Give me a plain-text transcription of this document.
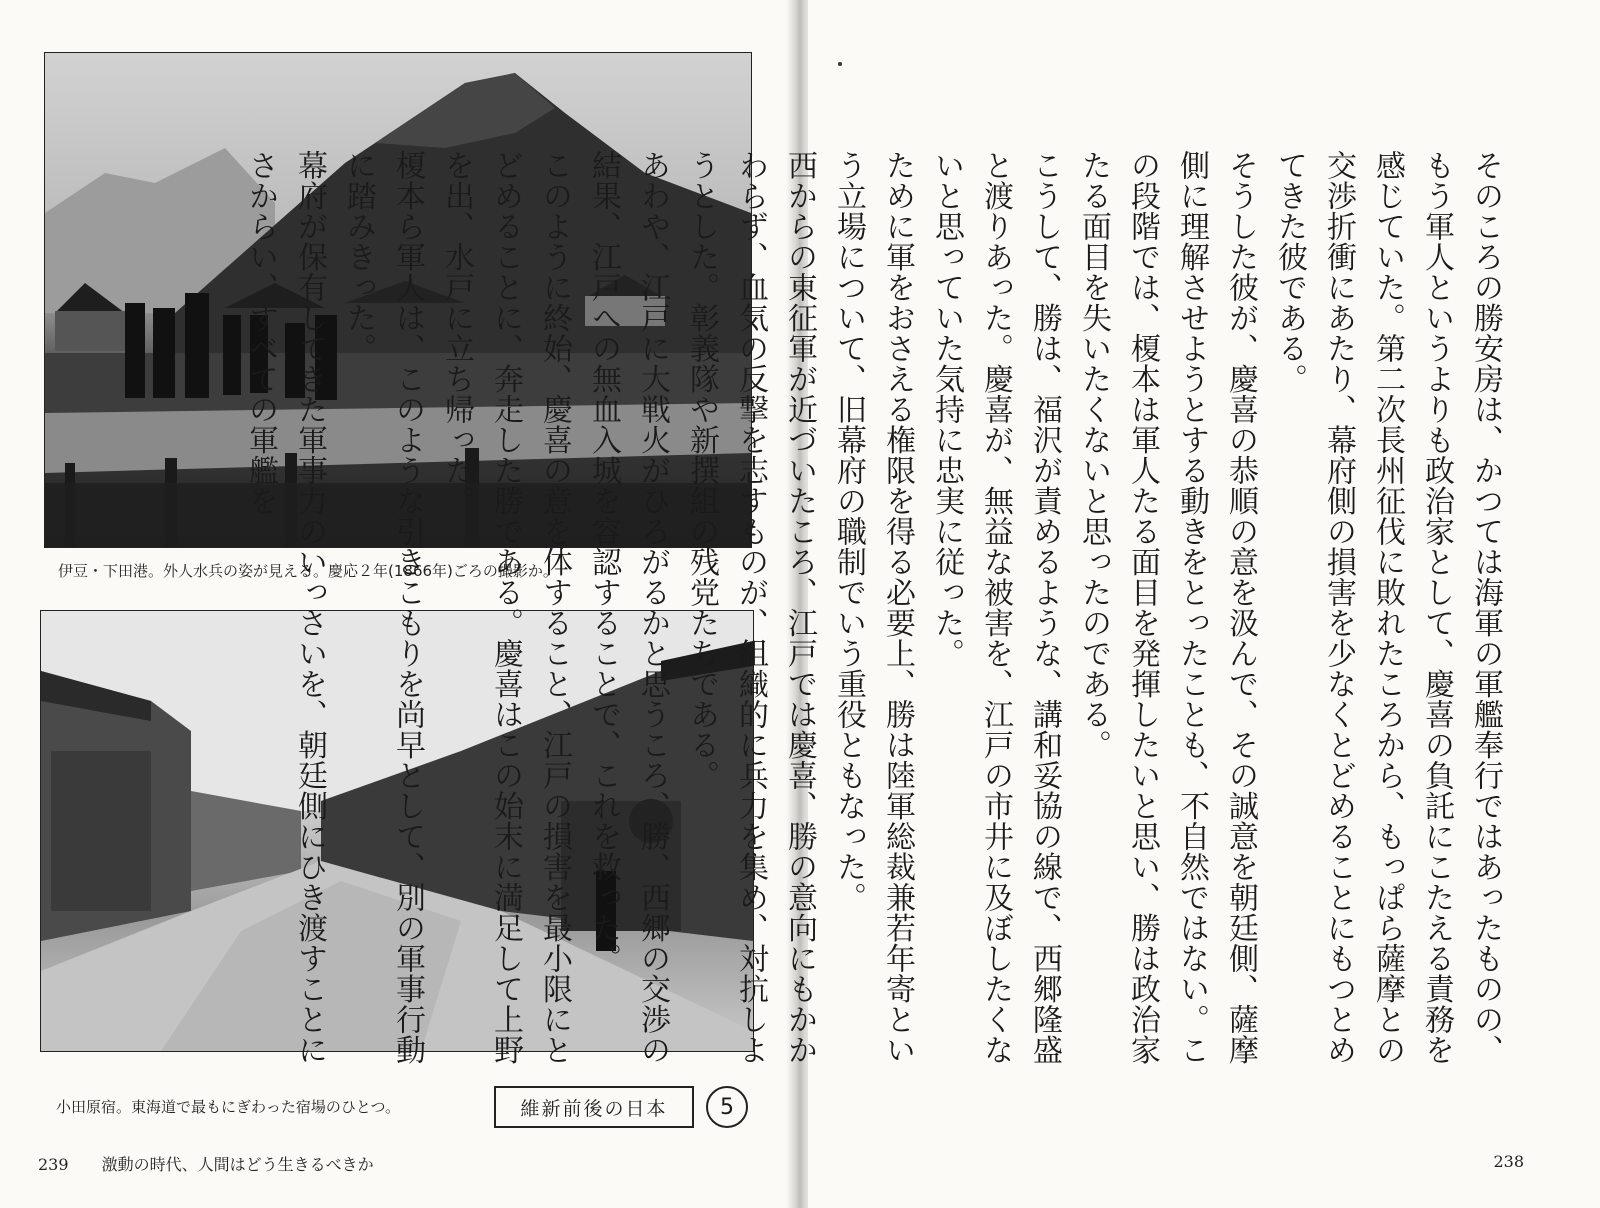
伊豆・下田港。外人水兵の姿が見える。慶応２年(1866年)ごろの撮影か。
小田原宿。東海道で最もにぎわった宿場のひとつ。	維新前後の日本	5
239 激動の時代、人間はどう生きるべきか

そのころの勝安房は、かつては海軍の軍艦奉行ではあったものの、もう軍人というよりも政治家として、慶喜の負託にこたえる責務を感じていた。第二次長州征伐に敗れたころから、もっぱら薩摩との交渉折衝にあたり、幕府側の損害を少なくとどめることにもつとめてきた彼である。

そうした彼が、慶喜の恭順の意を汲んで、その誠意を朝廷側、薩摩側に理解させようとする動きをとったことも、不自然ではない。この段階では、榎本は軍人たる面目を発揮したいと思い、勝は政治家たる面目を失いたくないと思ったのである。

こうして、勝は、福沢が責めるような、講和妥協の線で、西郷隆盛と渡りあった。慶喜が、無益な被害を、江戸の市井に及ぼしたくないと思っていた気持に忠実に従った。

ために軍をおさえる権限を得る必要上、勝は陸軍総裁兼若年寄という立場について、旧幕府の職制でいう重役ともなった。

西からの東征軍が近づいたころ、江戸では慶喜、勝の意向にもかかわらず、血気の反撃を志すものが、組織的に兵力を集め、対抗しようとした。彰義隊や新撰組の残党たちである。

あわや、江戸に大戦火がひろがるかと思うころ、勝、西郷の交渉の結果、江戸への無血入城を容認することで、これを救った。

このように終始、慶喜の意を体すること、江戸の損害を最小限にとどめることに、奔走した勝である。慶喜はこの始末に満足して上野を出、水戸に立ち帰った。

榎本ら軍人は、このような引きこもりを尚早として、別の軍事行動に踏みきった。

幕府が保有してきた軍事力のいっさいを、朝廷側にひき渡すことにさからい、すべての軍艦を

238
